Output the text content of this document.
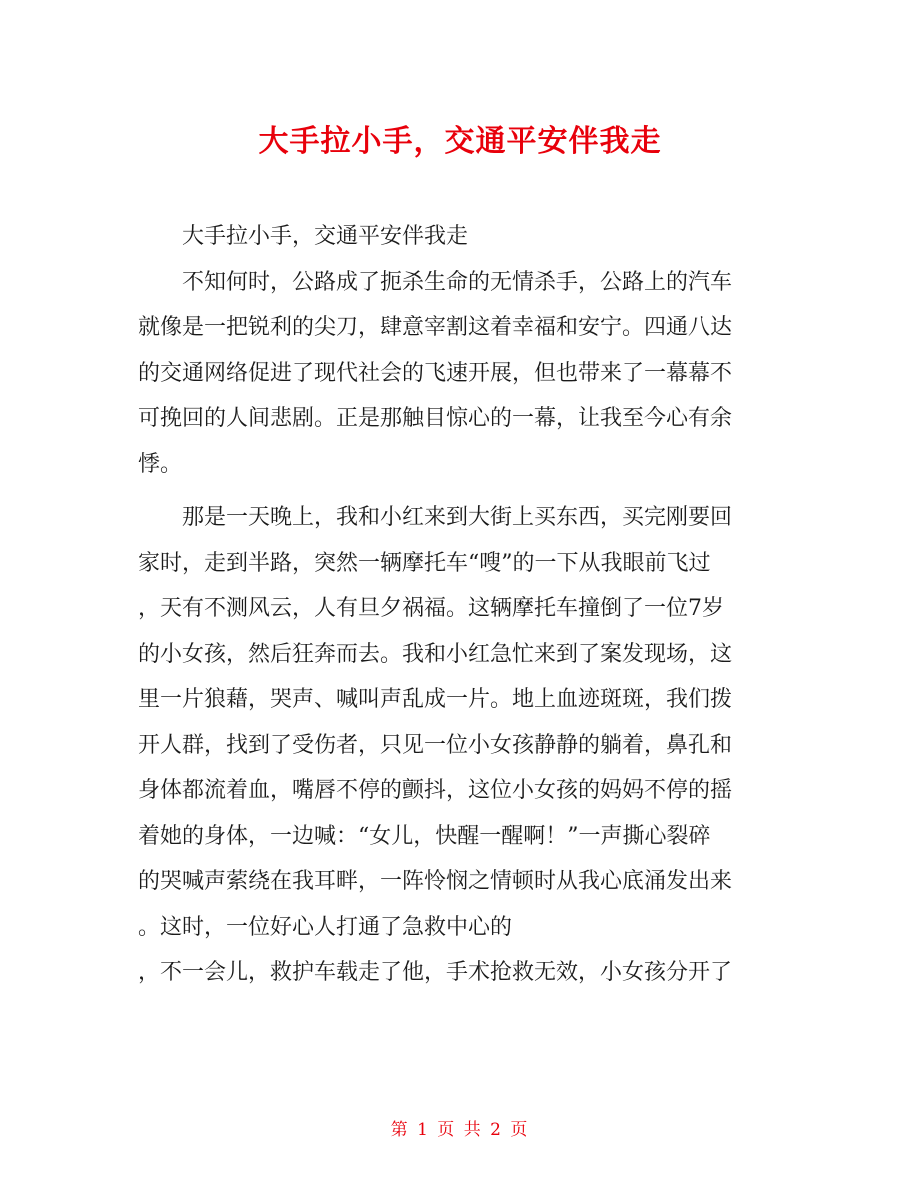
大手拉小手，交通平安伴我走
大手拉小手，交通平安伴我走
不知何时，公路成了扼杀生命的无情杀手，公路上的汽车
就像是一把锐利的尖刀，肆意宰割这着幸福和安宁。四通八达
的交通网络促进了现代社会的飞速开展，但也带来了一幕幕不
可挽回的人间悲剧。正是那触目惊心的一幕，让我至今心有余
悸。
那是一天晚上，我和小红来到大街上买东西，买完刚要回
家时，走到半路，突然一辆摩托车“嗖”的一下从我眼前飞过
，天有不测风云，人有旦夕祸福。这辆摩托车撞倒了一位7岁
的小女孩，然后狂奔而去。我和小红急忙来到了案发现场，这
里一片狼藉，哭声、喊叫声乱成一片。地上血迹斑斑，我们拨
开人群，找到了受伤者，只见一位小女孩静静的躺着，鼻孔和
身体都流着血，嘴唇不停的颤抖，这位小女孩的妈妈不停的摇
着她的身体，一边喊：“女儿，快醒一醒啊！”一声撕心裂碎
的哭喊声萦绕在我耳畔，一阵怜悯之情顿时从我心底涌发出来
。这时，一位好心人打通了急救中心的
，不一会儿，救护车载走了他，手术抢救无效，小女孩分开了
第 1 页 共 2 页
